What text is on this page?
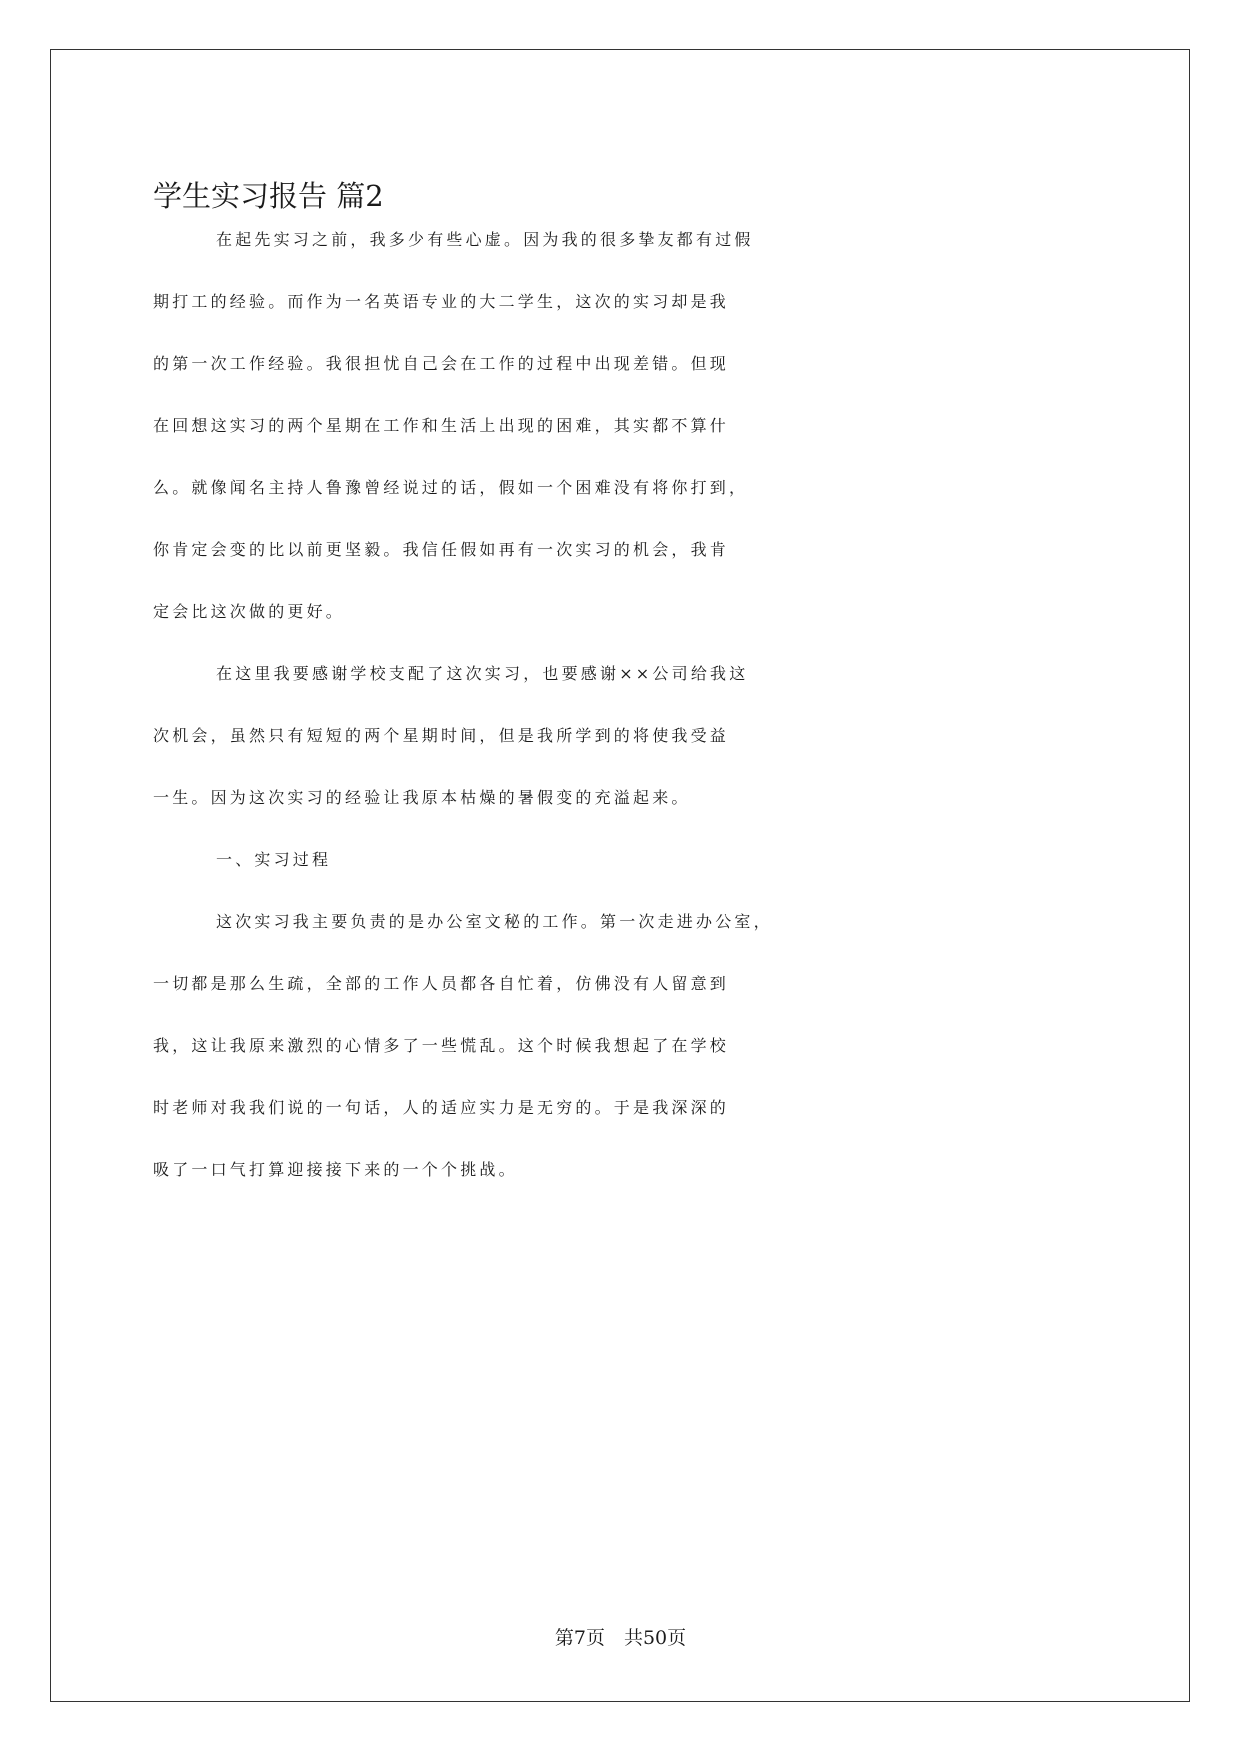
学生实习报告 篇2
在起先实习之前，我多少有些心虚。因为我的很多挚友都有过假
期打工的经验。而作为一名英语专业的大二学生，这次的实习却是我
的第一次工作经验。我很担忧自己会在工作的过程中出现差错。但现
在回想这实习的两个星期在工作和生活上出现的困难，其实都不算什
么。就像闻名主持人鲁豫曾经说过的话，假如一个困难没有将你打到，
你肯定会变的比以前更坚毅。我信任假如再有一次实习的机会，我肯
定会比这次做的更好。
在这里我要感谢学校支配了这次实习，也要感谢××公司给我这
次机会，虽然只有短短的两个星期时间，但是我所学到的将使我受益
一生。因为这次实习的经验让我原本枯燥的暑假变的充溢起来。
一、实习过程
这次实习我主要负责的是办公室文秘的工作。第一次走进办公室，
一切都是那么生疏，全部的工作人员都各自忙着，仿佛没有人留意到
我，这让我原来激烈的心情多了一些慌乱。这个时候我想起了在学校
时老师对我我们说的一句话，人的适应实力是无穷的。于是我深深的
吸了一口气打算迎接接下来的一个个挑战。
第7页　共50页
